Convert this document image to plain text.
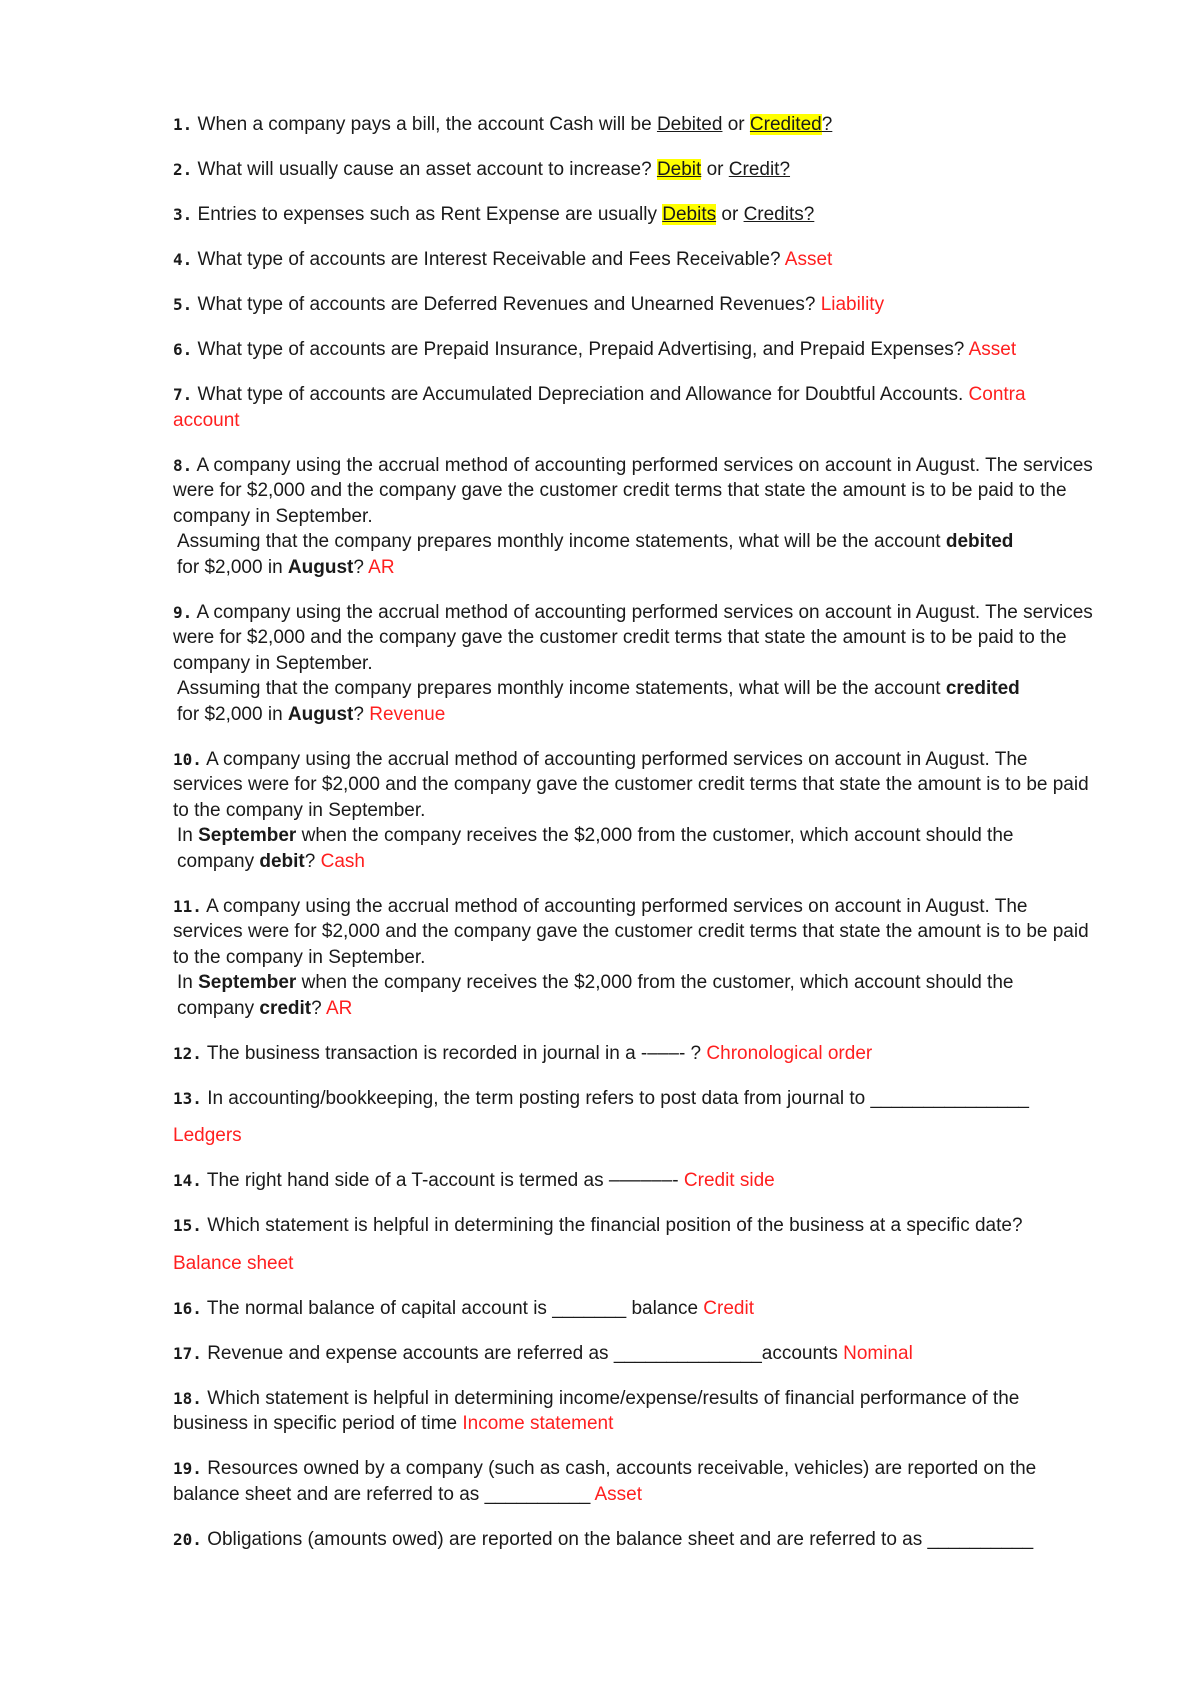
1. When a company pays a bill, the account Cash will be Debited or Credited?

2. What will usually cause an asset account to increase? Debit or Credit?

3. Entries to expenses such as Rent Expense are usually Debits or Credits?

4. What type of accounts are Interest Receivable and Fees Receivable? Asset

5. What type of accounts are Deferred Revenues and Unearned Revenues? Liability

6. What type of accounts are Prepaid Insurance, Prepaid Advertising, and Prepaid Expenses? Asset

7. What type of accounts are Accumulated Depreciation and Allowance for Doubtful Accounts. Contra account

8. A company using the accrual method of accounting performed services on account in August. The services were for $2,000 and the company gave the customer credit terms that state the amount is to be paid to the company in September.
Assuming that the company prepares monthly income statements, what will be the account debited
for $2,000 in August? AR

9. A company using the accrual method of accounting performed services on account in August. The services were for $2,000 and the company gave the customer credit terms that state the amount is to be paid to the company in September.
Assuming that the company prepares monthly income statements, what will be the account credited
for $2,000 in August? Revenue

10. A company using the accrual method of accounting performed services on account in August. The services were for $2,000 and the company gave the customer credit terms that state the amount is to be paid to the company in September.
In September when the company receives the $2,000 from the customer, which account should the company debit? Cash

11. A company using the accrual method of accounting performed services on account in August. The services were for $2,000 and the company gave the customer credit terms that state the amount is to be paid to the company in September.
In September when the company receives the $2,000 from the customer, which account should the company credit? AR

12. The business transaction is recorded in journal in a -–––- ? Chronological order

13. In accounting/bookkeeping, the term posting refers to post data from journal to _______________
Ledgers

14. The right hand side of a T-account is termed as ––––––- Credit side

15. Which statement is helpful in determining the financial position of the business at a specific date?
Balance sheet

16. The normal balance of capital account is _______ balance Credit

17. Revenue and expense accounts are referred as ______________accounts Nominal

18. Which statement is helpful in determining income/expense/results of financial performance of the business in specific period of time Income statement

19. Resources owned by a company (such as cash, accounts receivable, vehicles) are reported on the balance sheet and are referred to as __________ Asset

20. Obligations (amounts owed) are reported on the balance sheet and are referred to as __________
